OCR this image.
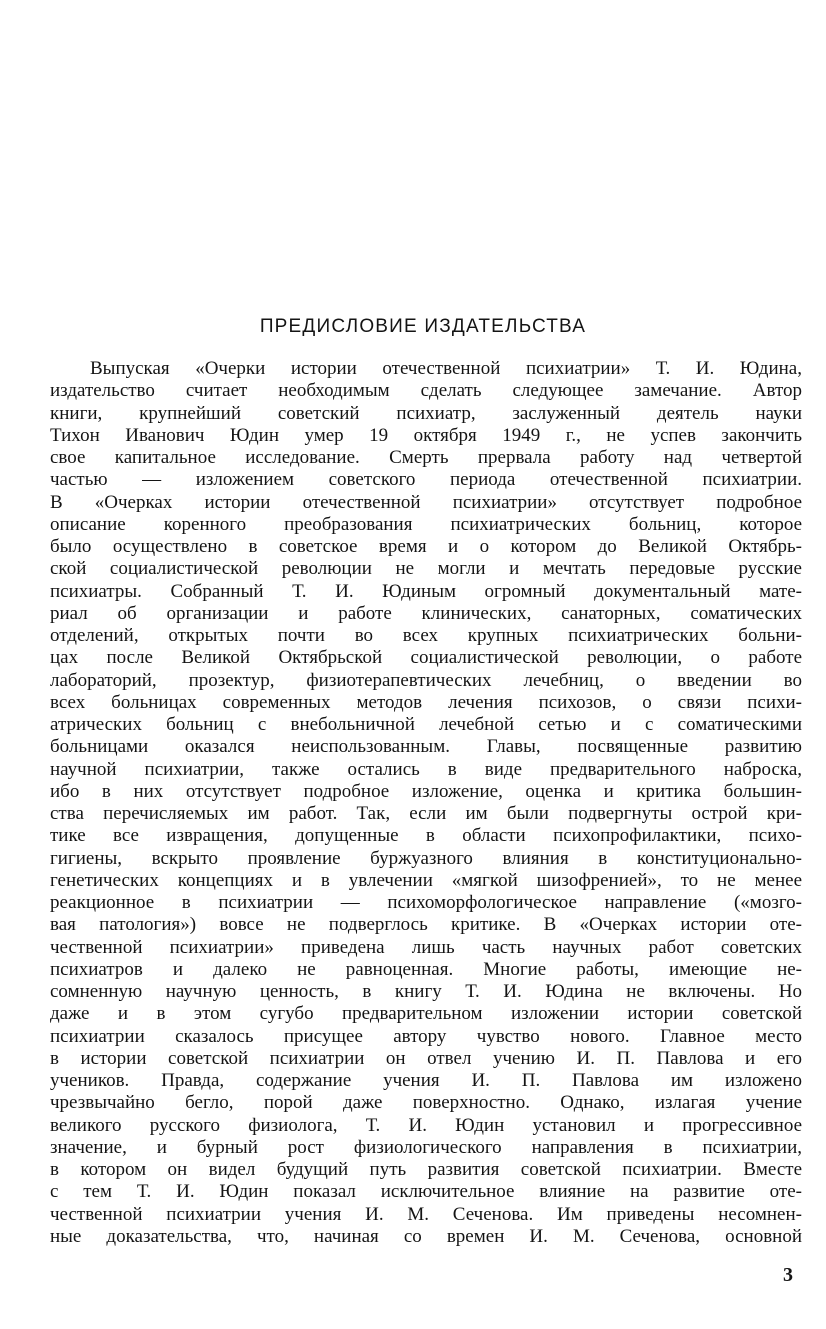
ПРЕДИСЛОВИЕ ИЗДАТЕЛЬСТВА
Выпуская «Очерки истории отечественной психиатрии» Т. И. Юдина,
издательство считает необходимым сделать следующее замечание. Автор
книги, крупнейший советский психиатр, заслуженный деятель науки
Тихон Иванович Юдин умер 19 октября 1949 г., не успев закончить
свое капитальное исследование. Смерть прервала работу над четвертой
частью — изложением советского периода отечественной психиатрии.
В «Очерках истории отечественной психиатрии» отсутствует подробное
описание коренного преобразования психиатрических больниц, которое
было осуществлено в советское время и о котором до Великой Октябрь-
ской социалистической революции не могли и мечтать передовые русские
психиатры. Собранный Т. И. Юдиным огромный документальный мате-
риал об организации и работе клинических, санаторных, соматических
отделений, открытых почти во всех крупных психиатрических больни-
цах после Великой Октябрьской социалистической революции, о работе
лабораторий, прозектур, физиотерапевтических лечебниц, о введении во
всех больницах современных методов лечения психозов, о связи психи-
атрических больниц с внебольничной лечебной сетью и с соматическими
больницами оказался неиспользованным. Главы, посвященные развитию
научной психиатрии, также остались в виде предварительного наброска,
ибо в них отсутствует подробное изложение, оценка и критика большин-
ства перечисляемых им работ. Так, если им были подвергнуты острой кри-
тике все извращения, допущенные в области психопрофилактики, психо-
гигиены, вскрыто проявление буржуазного влияния в конституционально-
генетических концепциях и в увлечении «мягкой шизофренией», то не менее
реакционное в психиатрии — психоморфологическое направление («мозго-
вая патология») вовсе не подверглось критике. В «Очерках истории оте-
чественной психиатрии» приведена лишь часть научных работ советских
психиатров и далеко не равноценная. Многие работы, имеющие не-
сомненную научную ценность, в книгу Т. И. Юдина не включены. Но
даже и в этом сугубо предварительном изложении истории советской
психиатрии сказалось присущее автору чувство нового. Главное место
в истории советской психиатрии он отвел учению И. П. Павлова и его
учеников. Правда, содержание учения И. П. Павлова им изложено
чрезвычайно бегло, порой даже поверхностно. Однако, излагая учение
великого русского физиолога, Т. И. Юдин установил и прогрессивное
значение, и бурный рост физиологического направления в психиатрии,
в котором он видел будущий путь развития советской психиатрии. Вместе
с тем Т. И. Юдин показал исключительное влияние на развитие оте-
чественной психиатрии учения И. М. Сеченова. Им приведены несомнен-
ные доказательства, что, начиная со времен И. М. Сеченова, основной

3
